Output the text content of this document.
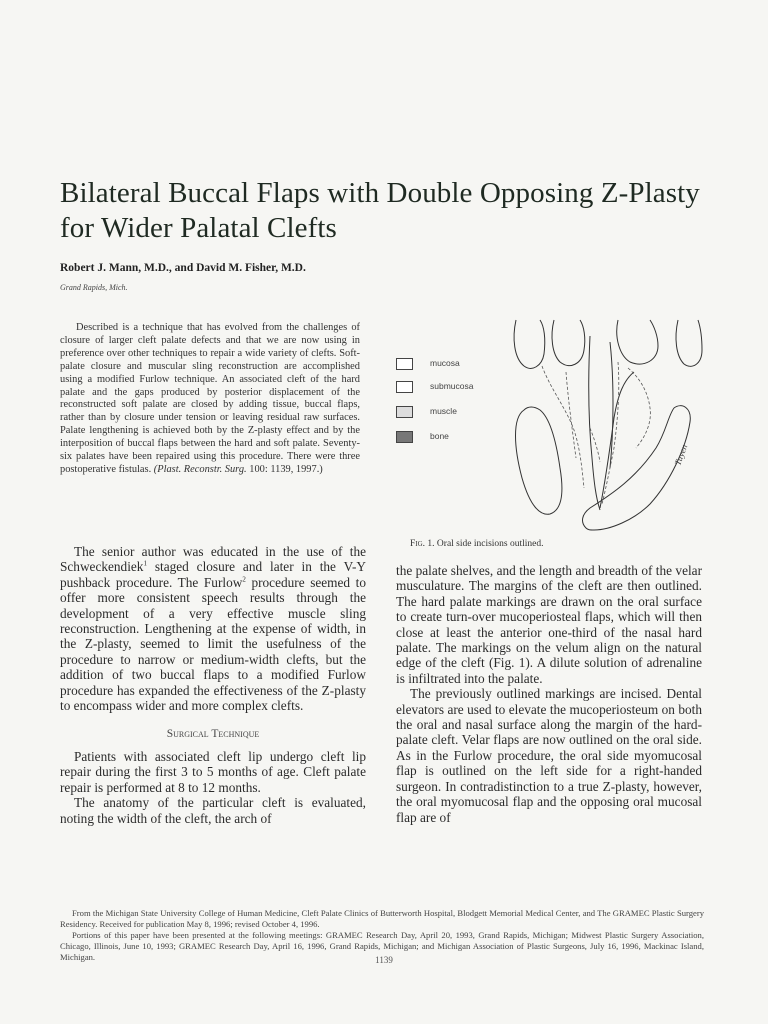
Bilateral Buccal Flaps with Double Opposing Z-Plasty for Wider Palatal Clefts
Robert J. Mann, M.D., and David M. Fisher, M.D.
Grand Rapids, Mich.

Described is a technique that has evolved from the challenges of closure of larger cleft palate defects and that we are now using in preference over other techniques to repair a wide variety of clefts. Soft-palate closure and muscular sling reconstruction are accomplished using a modified Furlow technique. An associated cleft of the hard palate and the gaps produced by posterior displacement of the reconstructed soft palate are closed by adding tissue, buccal flaps, rather than by closure under tension or leaving residual raw surfaces. Palate lengthening is achieved both by the Z-plasty effect and by the interposition of buccal flaps between the hard and soft palate. Seventy-six palates have been repaired using this procedure. There were three postoperative fistulas. (Plast. Reconstr. Surg. 100: 1139, 1997.)

mucosa
submucosa
muscle
bone
Tuyen
Fig. 1. Oral side incisions outlined.

The senior author was educated in the use of the Schweckendiek$^1$ staged closure and later in the V-Y pushback procedure. The Furlow$^2$ procedure seemed to offer more consistent speech results through the development of a very effective muscle sling reconstruction. Lengthening at the expense of width, in the Z-plasty, seemed to limit the usefulness of the procedure to narrow or medium-width clefts, but the addition of two buccal flaps to a modified Furlow procedure has expanded the effectiveness of the Z-plasty to encompass wider and more complex clefts.

Surgical Technique

Patients with associated cleft lip undergo cleft lip repair during the first 3 to 5 months of age. Cleft palate repair is performed at 8 to 12 months.

The anatomy of the particular cleft is evaluated, noting the width of the cleft, the arch of

the palate shelves, and the length and breadth of the velar musculature. The margins of the cleft are then outlined. The hard palate markings are drawn on the oral surface to create turn-over mucoperiosteal flaps, which will then close at least the anterior one-third of the nasal hard palate. The markings on the velum align on the natural edge of the cleft (Fig. 1). A dilute solution of adrenaline is infiltrated into the palate.

The previously outlined markings are incised. Dental elevators are used to elevate the mucoperiosteum on both the oral and nasal surface along the margin of the hard-palate cleft. Velar flaps are now outlined on the oral side. As in the Furlow procedure, the oral side myomucosal flap is outlined on the left side for a right-handed surgeon. In contradistinction to a true Z-plasty, however, the oral myomucosal flap and the opposing oral mucosal flap are of

From the Michigan State University College of Human Medicine, Cleft Palate Clinics of Butterworth Hospital, Blodgett Memorial Medical Center, and The GRAMEC Plastic Surgery Residency. Received for publication May 8, 1996; revised October 4, 1996.

Portions of this paper have been presented at the following meetings: GRAMEC Research Day, April 20, 1993, Grand Rapids, Michigan; Midwest Plastic Surgery Association, Chicago, Illinois, June 10, 1993; GRAMEC Research Day, April 16, 1996, Grand Rapids, Michigan; and Michigan Association of Plastic Surgeons, July 16, 1996, Mackinac Island, Michigan.	1139
